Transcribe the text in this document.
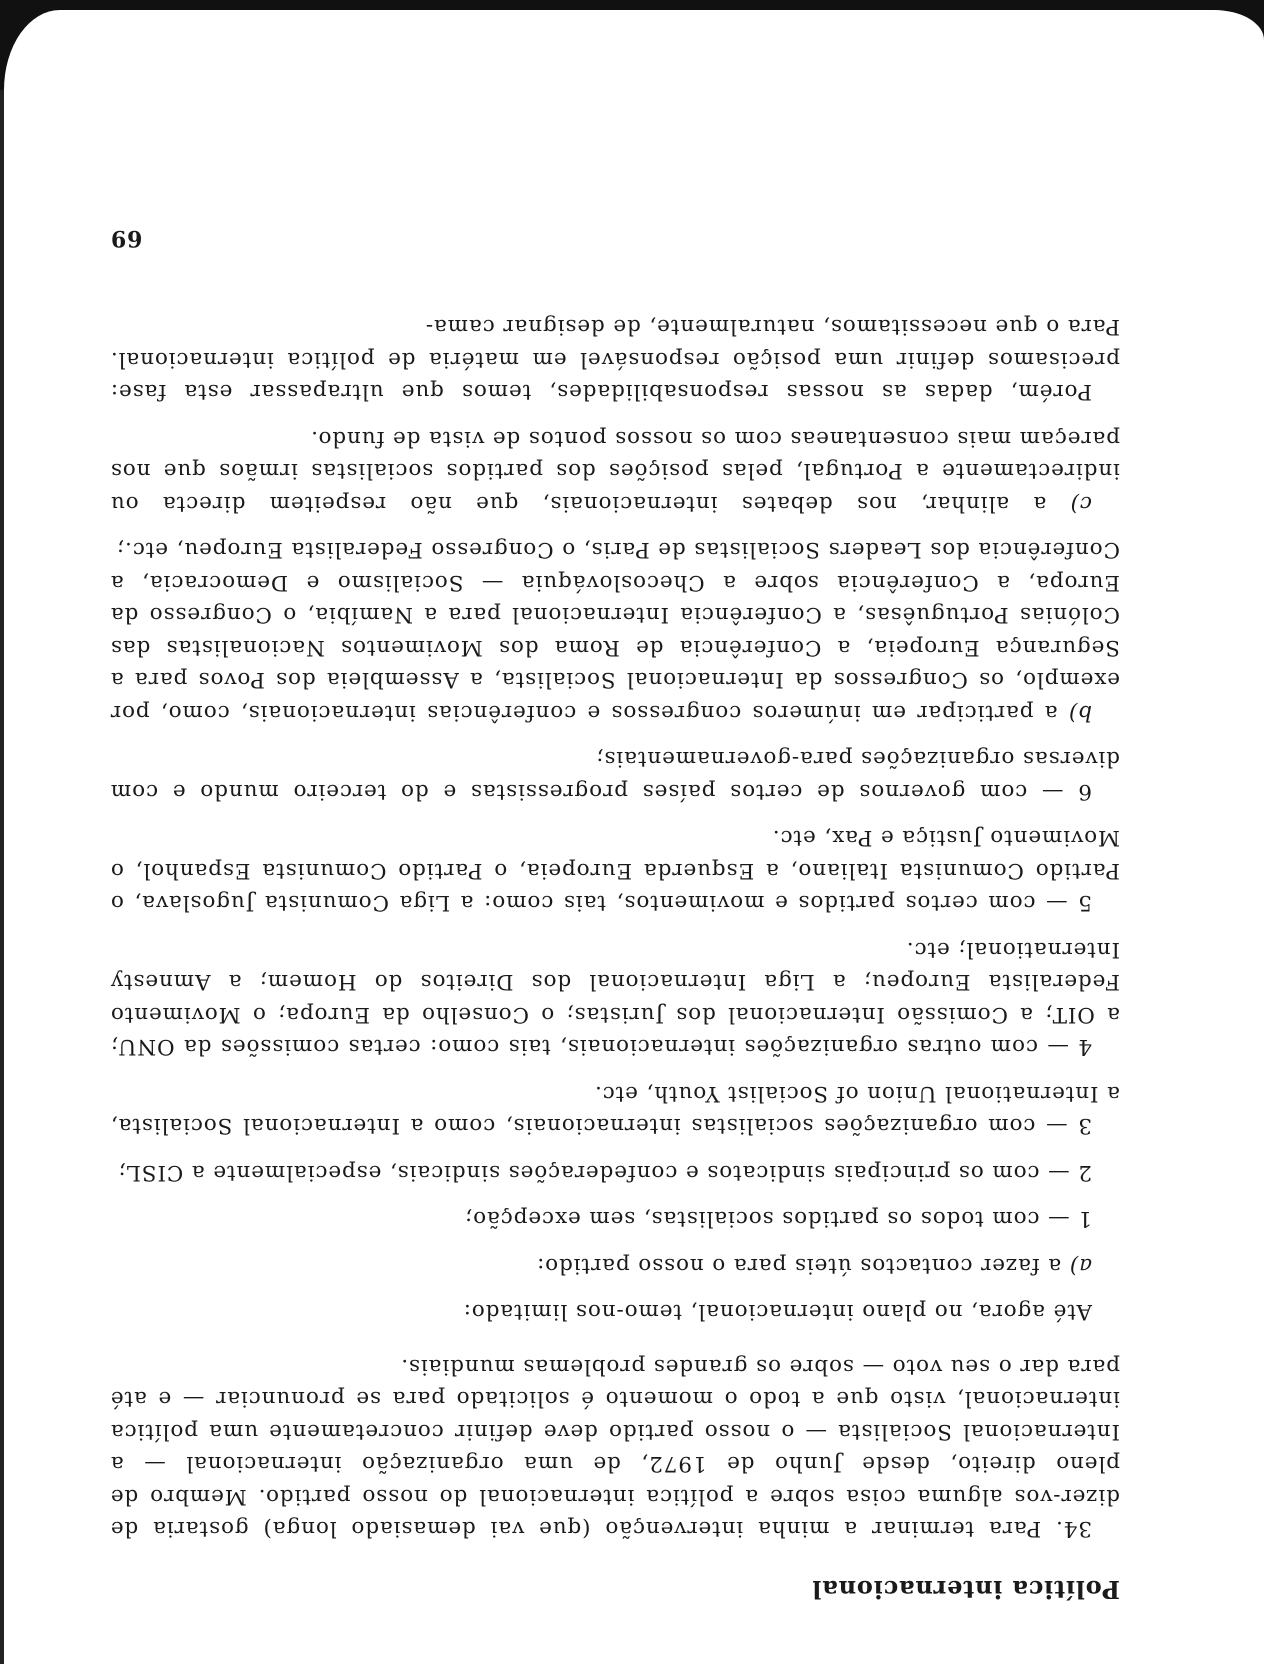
Política internacional

34. Para terminar a minha intervenção (que vai demasiado longa) gostaria de dizer-vos alguma coisa sobre a política internacional do nosso partido. Membro de pleno direito, desde Junho de 1972, de uma organização internacional — a Internacional Socialista — o nosso partido deve definir concretamente uma política internacional, visto que a todo o momento é solicitado para se pronunciar — e até para dar o seu voto — sobre os grandes problemas mundiais.

Até agora, no plano internacional, temo-nos limitado:

a) a fazer contactos úteis para o nosso partido:

1 — com todos os partidos socialistas, sem excepção;

2 — com os principais sindicatos e confederações sindicais, especialmente a CISL;

3 — com organizações socialistas internacionais, como a Internacional Socialista, a International Union of Socialist Youth, etc.

4 — com outras organizações internacionais, tais como: certas comissões da ONU; a OIT; a Comissão Internacional dos Juristas; o Conselho da Europa; o Movimento Federalista Europeu; a Liga Internacional dos Direitos do Homem; a Amnesty International; etc.

5 — com certos partidos e movimentos, tais como: a Liga Comunista Jugoslava, o Partido Comunista Italiano, a Esquerda Europeia, o Partido Comunista Espanhol, o Movimento Justiça e Pax, etc.

6 — com governos de certos países progressistas e do terceiro mundo e com diversas organizações para-governamentais;

b) a participar em inúmeros congressos e conferências internacionais, como, por exemplo, os Congressos da Internacional Socialista, a Assembleia dos Povos para a Segurança Europeia, a Conferência de Roma dos Movimentos Nacionalistas das Colónias Portuguêsas, a Conferência Internacional para a Namíbia, o Congresso da Europa, a Conferência sobre a Checoslováquia — Socialismo e Democracia, a Conferência dos Leaders Socialistas de Paris, o Congresso Federalista Europeu, etc.;

c) a alinhar, nos debates internacionais, que não respeitem directa ou indirectamente a Portugal, pelas posições dos partidos socialistas irmãos que nos pareçam mais consentaneas com os nossos pontos de vista de fundo.

Porém, dadas as nossas responsabilidades, temos que ultrapassar esta fase: precisamos definir uma posição responsável em matéria de política internacional. Para o que necessitamos, naturalmente, de designar cama-

69
